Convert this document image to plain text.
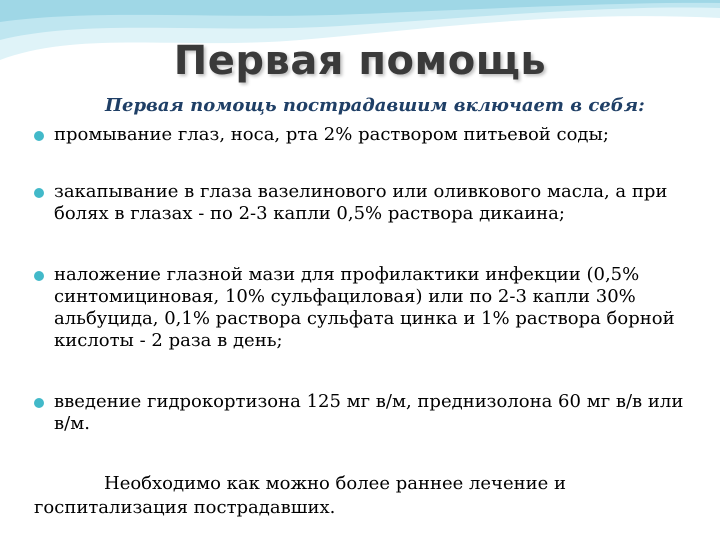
Первая помощь
Первая помощь пострадавшим включает в себя:
промывание глаз, носа, рта 2% раствором питьевой соды;
закапывание в глаза вазелинового или оливкового масла, а при болях в глазах - по 2-3 капли 0,5% раствора дикаина;
наложение глазной мази для профилактики инфекции (0,5% синтомициновая, 10% сульфациловая) или по 2-3 капли 30% альбуцида, 0,1% раствора сульфата цинка и 1% раствора борной кислоты - 2 раза в день;
введение гидрокортизона 125 мг в/м, преднизолона 60 мг в/в или в/м.
Необходимо как можно более раннее лечение и госпитализация пострадавших.
